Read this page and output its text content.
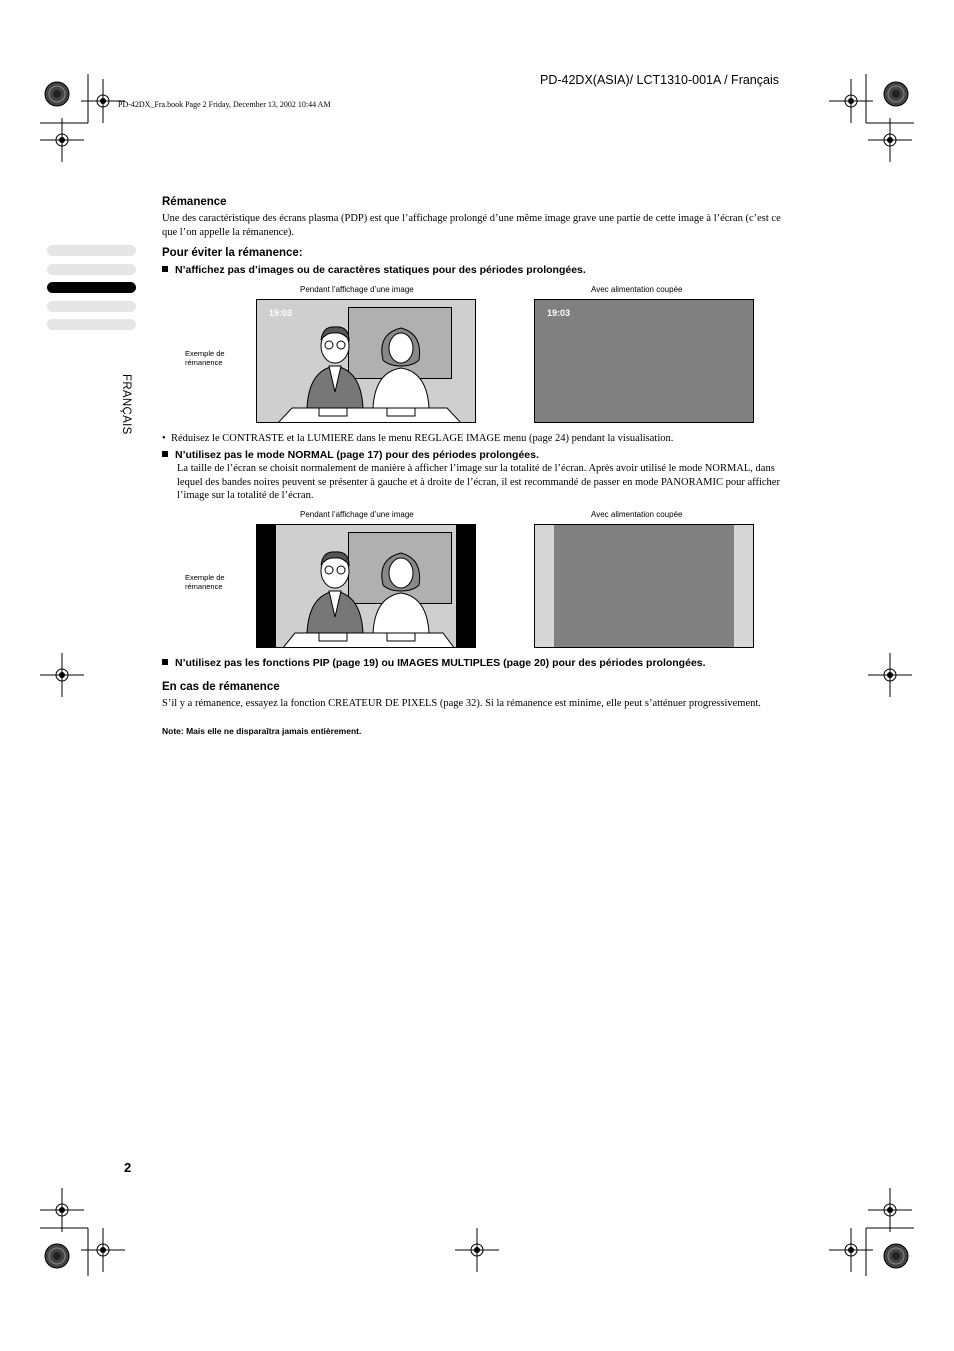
PD-42DX(ASIA)/ LCT1310-001A / Français
PD-42DX_Fra.book Page 2 Friday, December 13, 2002 10:44 AM
FRANÇAIS
Rémanence
Une des caractéristique des écrans plasma (PDP) est que l’affichage prolongé d’une même image grave une partie de cette image à l’écran (c’est ce que l’on appelle la rémanence).
Pour éviter la rémanence:
N’affichez pas d’images ou de caractères statiques pour des périodes prolongées.
Pendant l’affichage d’une image	Avec alimentation coupée
Exemple de rémanence
19:03	19:03
•  Réduisez le CONTRASTE et la LUMIERE dans le menu REGLAGE IMAGE menu (page 24) pendant la visualisation.
N’utilisez pas le mode NORMAL (page 17) pour des périodes prolongées.
La taille de l’écran se choisit normalement de manière à afficher l’image sur la totalité de l’écran. Après avoir utilisé le mode NORMAL, dans lequel des bandes noires peuvent se présenter à gauche et à droite de l’écran, il est recommandé de passer en mode PANORAMIC pour afficher l’image sur la totalité de l’écran.
Pendant l’affichage d’une image	Avec alimentation coupée
Exemple de rémanence
N’utilisez pas les fonctions PIP (page 19) ou IMAGES MULTIPLES (page 20) pour des périodes prolongées.
En cas de rémanence
S’il y a rémanence, essayez la fonction CREATEUR DE PIXELS (page 32). Si la rémanence est minime, elle peut s’atténuer progressivement.
Note: Mais elle ne disparaîtra jamais entièrement.
2
